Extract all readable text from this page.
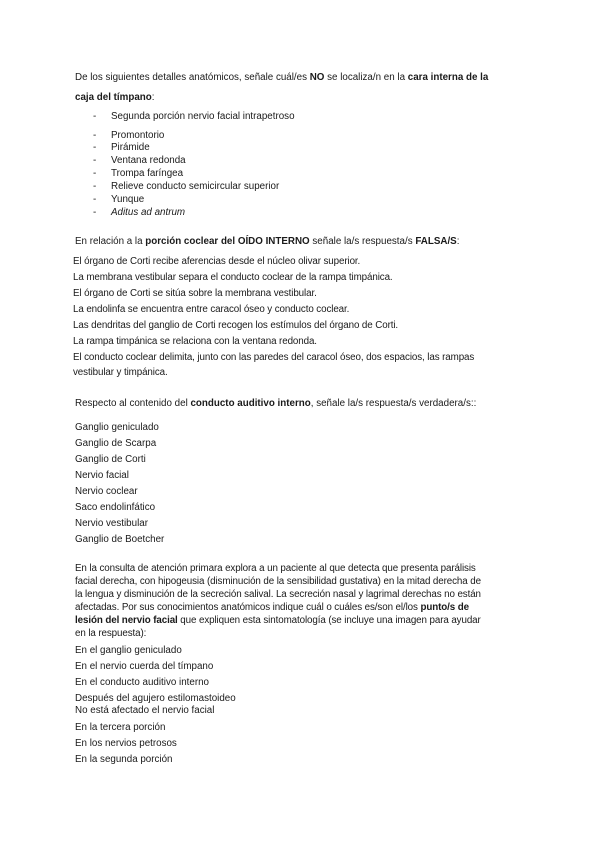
De los siguientes detalles anatómicos, señale cuál/es NO se localiza/n en la cara interna de la
caja del tímpano:
- Segunda porción nervio facial intrapetroso
- Promontorio
- Pirámide
- Ventana redonda
- Trompa faríngea
- Relieve conducto semicircular superior
- Yunque
- Aditus ad antrum
En relación a la porción coclear del OÍDO INTERNO señale la/s respuesta/s FALSA/S:
El órgano de Corti recibe aferencias desde el núcleo olivar superior.
La membrana vestibular separa el conducto coclear de la rampa timpánica.
El órgano de Corti se sitúa sobre la membrana vestibular.
La endolinfa se encuentra entre caracol óseo y conducto coclear.
Las dendritas del ganglio de Corti recogen los estímulos del órgano de Corti.
La rampa timpánica se relaciona con la ventana redonda.
El conducto coclear delimita, junto con las paredes del caracol óseo, dos espacios, las rampas
vestibular y timpánica.
Respecto al contenido del conducto auditivo interno, señale la/s respuesta/s verdadera/s::
Ganglio geniculado
Ganglio de Scarpa
Ganglio de Corti
Nervio facial
Nervio coclear
Saco endolinfático
Nervio vestibular
Ganglio de Boetcher
En la consulta de atención primara explora a un paciente al que detecta que presenta parálisis
facial derecha, con hipogeusia (disminución de la sensibilidad gustativa) en la mitad derecha de
la lengua y disminución de la secreción salival. La secreción nasal y lagrimal derechas no están
afectadas. Por sus conocimientos anatómicos indique cuál o cuáles es/son el/los punto/s de
lesión del nervio facial que expliquen esta sintomatología (se incluye una imagen para ayudar
en la respuesta):
En el ganglio geniculado
En el nervio cuerda del tímpano
En el conducto auditivo interno
Después del agujero estilomastoideo
No está afectado el nervio facial
En la tercera porción
En los nervios petrosos
En la segunda porción
